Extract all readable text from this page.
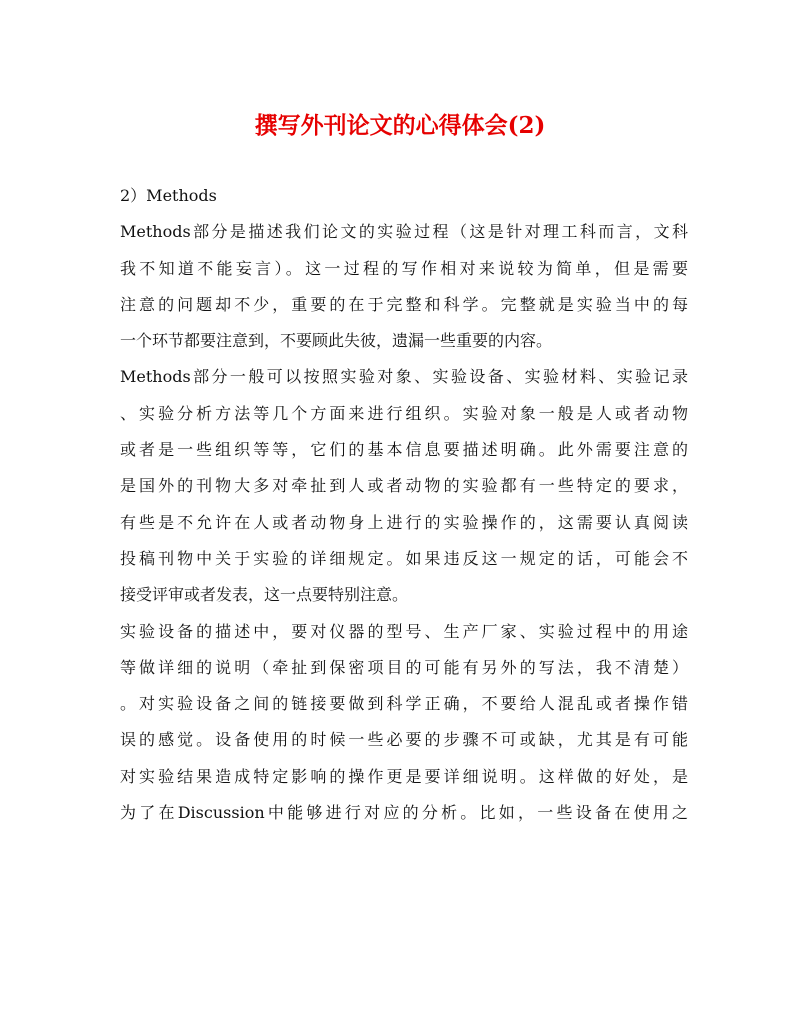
撰写外刊论文的心得体会(2)
2）Methods
Methods部分是描述我们论文的实验过程（这是针对理工科而言，文科
我不知道不能妄言）。这一过程的写作相对来说较为简单，但是需要
注意的问题却不少，重要的在于完整和科学。完整就是实验当中的每
一个环节都要注意到，不要顾此失彼，遗漏一些重要的内容。
Methods部分一般可以按照实验对象、实验设备、实验材料、实验记录
、实验分析方法等几个方面来进行组织。实验对象一般是人或者动物
或者是一些组织等等，它们的基本信息要描述明确。此外需要注意的
是国外的刊物大多对牵扯到人或者动物的实验都有一些特定的要求，
有些是不允许在人或者动物身上进行的实验操作的，这需要认真阅读
投稿刊物中关于实验的详细规定。如果违反这一规定的话，可能会不
接受评审或者发表，这一点要特别注意。
实验设备的描述中，要对仪器的型号、生产厂家、实验过程中的用途
等做详细的说明（牵扯到保密项目的可能有另外的写法，我不清楚）
。对实验设备之间的链接要做到科学正确，不要给人混乱或者操作错
误的感觉。设备使用的时候一些必要的步骤不可或缺，尤其是有可能
对实验结果造成特定影响的操作更是要详细说明。这样做的好处，是
为了在Discussion中能够进行对应的分析。比如，一些设备在使用之
